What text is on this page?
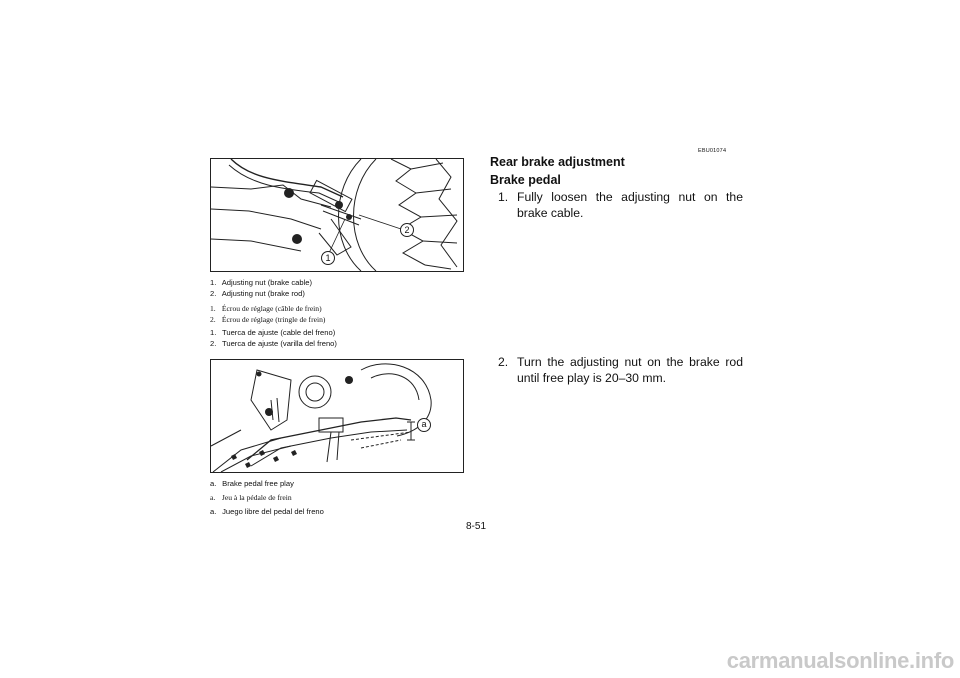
EBU01074
1
2
1. Adjusting nut (brake cable)
2. Adjusting nut (brake rod)
1. Écrou de réglage (câble de frein)
2. Écrou de réglage (tringle de frein)
1. Tuerca de ajuste (cable del freno)
2. Tuerca de ajuste (varilla del freno)
a
a. Brake pedal free play
a. Jeu à la pédale de frein
a. Juego libre del pedal del freno
Rear brake adjustment
Brake pedal
1. Fully loosen the adjusting nut on the brake cable.
2. Turn the adjusting nut on the brake rod until free play is 20–30 mm.
8-51
carmanualsonline.info
